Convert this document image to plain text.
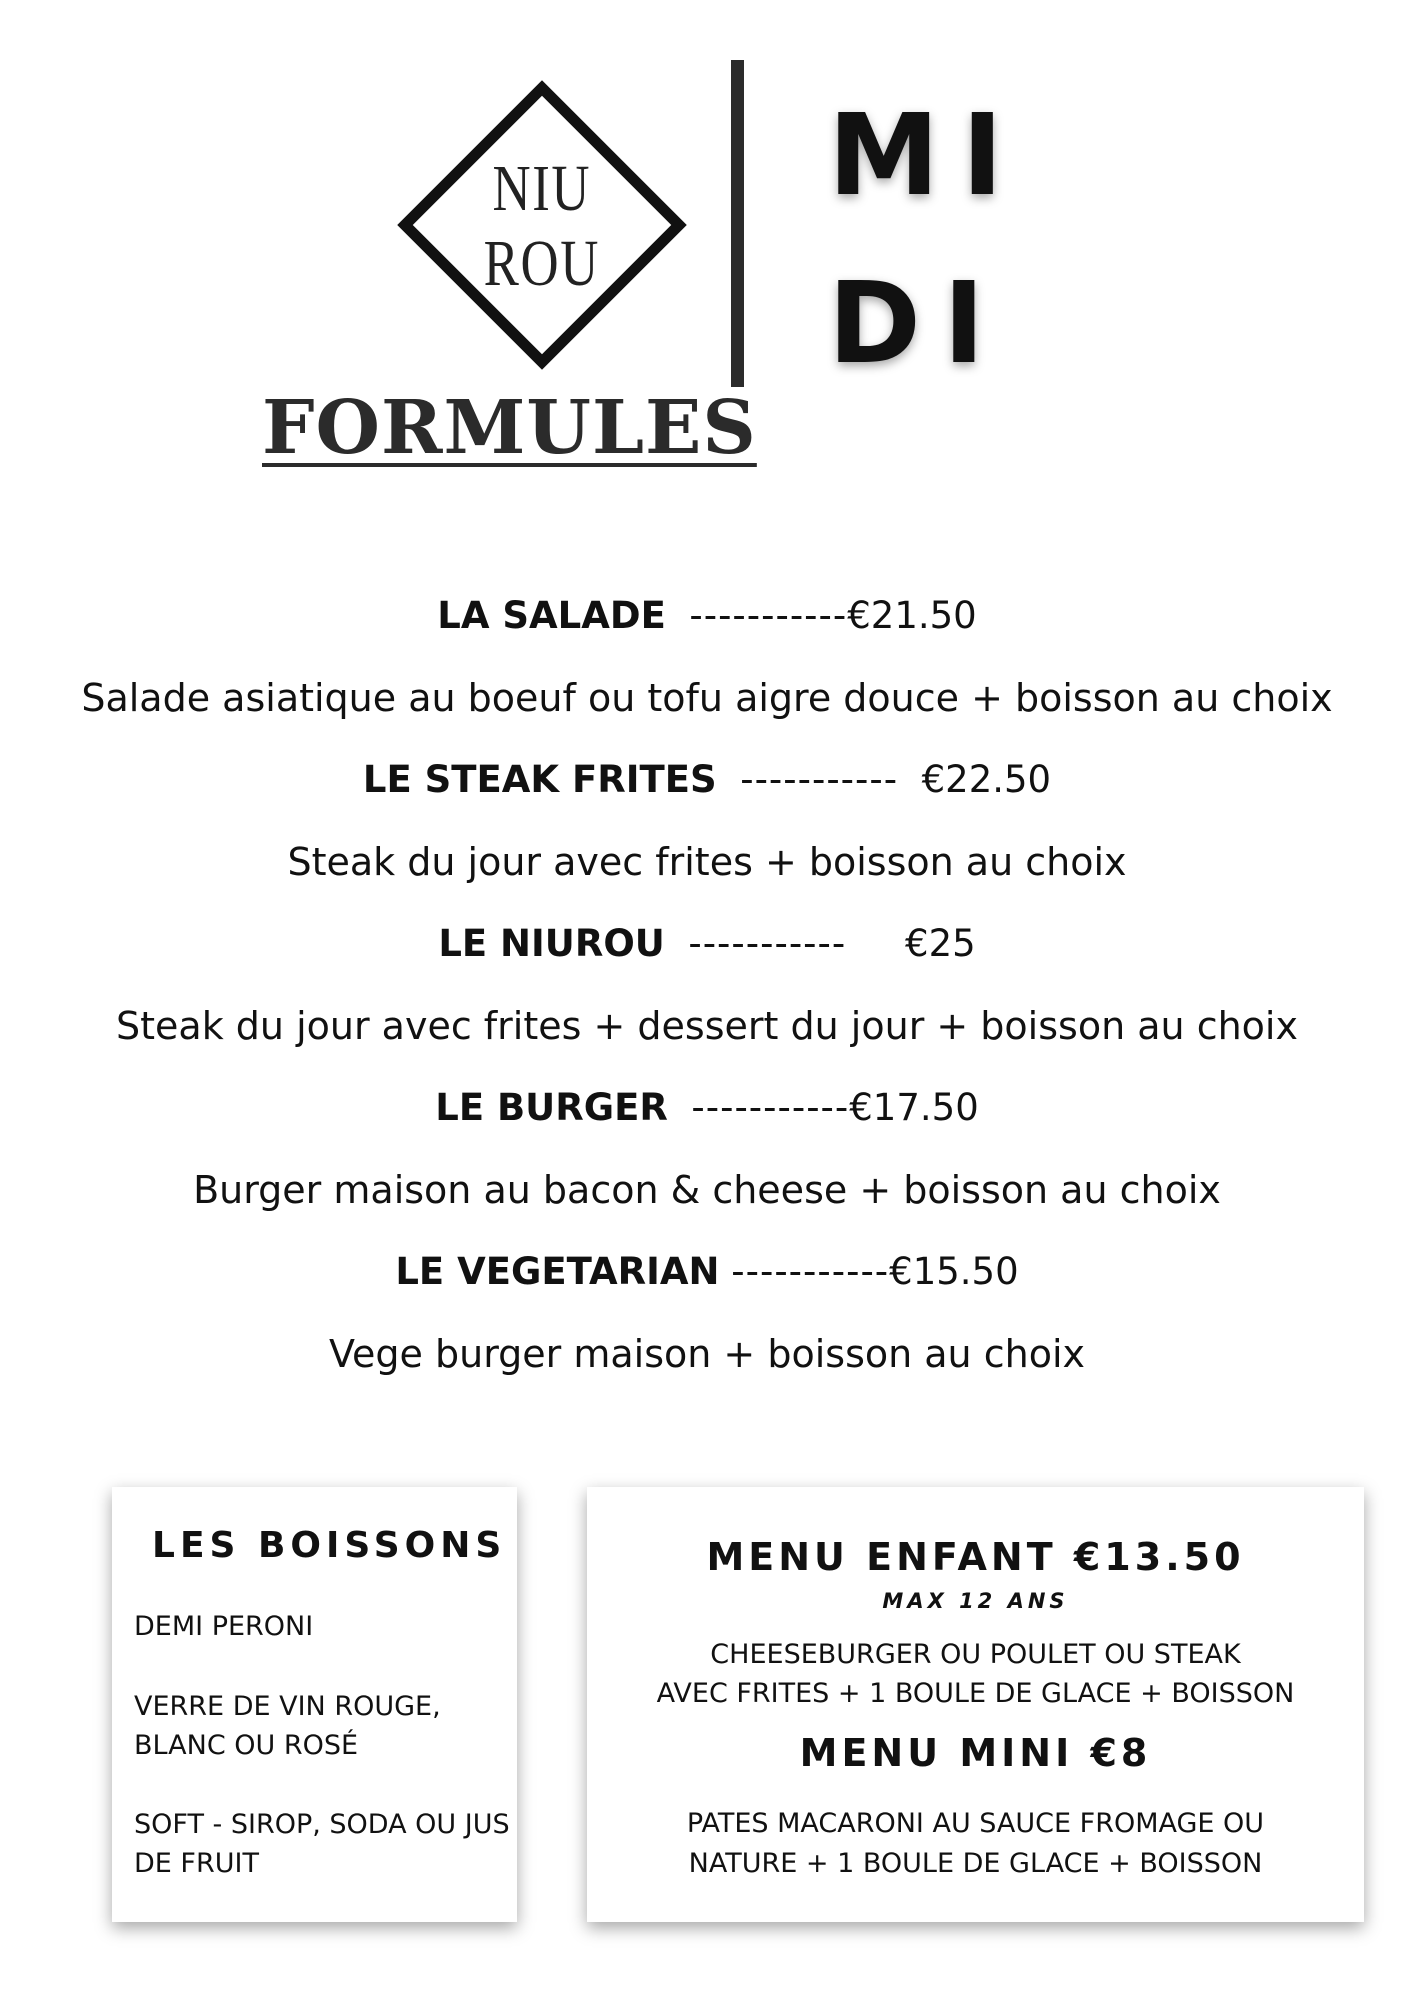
NIU
ROU
MI
DI
FORMULES
LA SALADE -----------€21.50
Salade asiatique au boeuf ou tofu aigre douce + boisson au choix
LE STEAK FRITES ----------- €22.50
Steak du jour avec frites + boisson au choix
LE NIUROU ----------- €25
Steak du jour avec frites + dessert du jour + boisson au choix
LE BURGER -----------€17.50
Burger maison au bacon & cheese + boisson au choix
LE VEGETARIAN -----------€15.50
Vege burger maison + boisson au choix
LES BOISSONS
DEMI PERONI
VERRE DE VIN ROUGE,
BLANC OU ROSÉ
SOFT - SIROP, SODA OU JUS
DE FRUIT
MENU ENFANT €13.50
MAX 12 ANS
CHEESEBURGER OU POULET OU STEAK
AVEC FRITES + 1 BOULE DE GLACE + BOISSON
MENU MINI €8
PATES MACARONI AU SAUCE FROMAGE OU
NATURE + 1 BOULE DE GLACE + BOISSON
